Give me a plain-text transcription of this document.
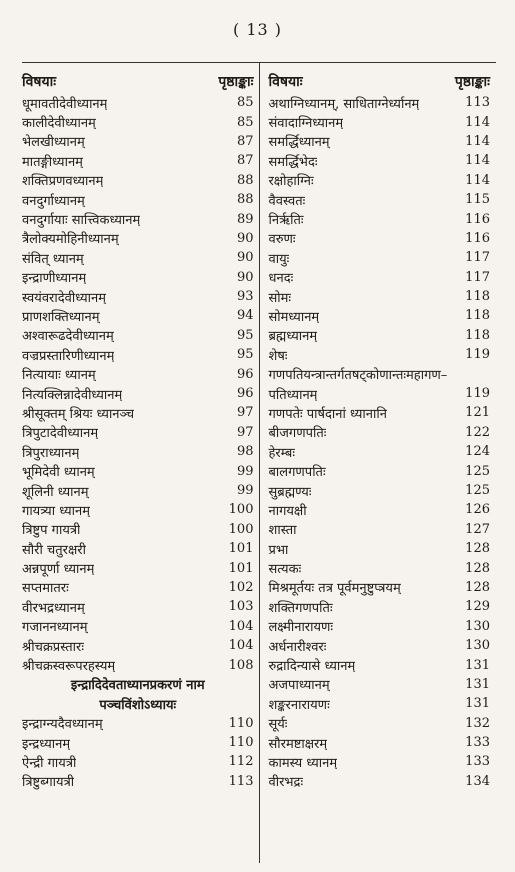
( 13 )
विषयाः	पृष्ठाङ्काः
धूमावतीदेवीध्यानम्	85
कालीदेवीध्यानम्	85
भेलखीध्यानम्	87
मातङ्गीध्यानम्	87
शक्तिप्रणवध्यानम्	88
वनदुर्गाध्यानम्	88
वनदुर्गायाः सात्त्विकध्यानम्	89
त्रैलोक्यमोहिनीध्यानम्	90
संवित् ध्यानम्	90
इन्द्राणीध्यानम्	90
स्वयंवरादेवीध्यानम्	93
प्राणशक्तिध्यानम्	94
अश्वारूढदेवीध्यानम्	95
वज्रप्रस्तारिणीध्यानम्	95
नित्यायाः ध्यानम्	96
नित्यक्लिन्नादेवीध्यानम्	96
श्रीसूक्तम् श्रियः ध्यानञ्च	97
त्रिपुटादेवीध्यानम्	97
त्रिपुराध्यानम्	98
भूमिदेवी ध्यानम्	99
शूलिनी ध्यानम्	99
गायत्र्या ध्यानम्	100
त्रिष्टुप गायत्री	100
सौरी चतुरक्षरी	101
अन्नपूर्णा ध्यानम्	101
सप्तमातरः	102
वीरभद्रध्यानम्	103
गजाननध्यानम्	104
श्रीचक्रप्रस्तारः	104
श्रीचक्रस्वरूपरहस्यम्	108
इन्द्रादिदेवताध्यानप्रकरणं नाम
पञ्चविंशोऽध्यायः
इन्द्राग्न्यदैवध्यानम्	110
इन्द्रध्यानम्	110
ऐन्द्री गायत्री	112
त्रिष्टुब्गायत्री	113
विषयाः	पृष्ठाङ्काः
अथाग्निध्यानम्, साधिताग्नेर्ध्यानम्	113
संवादाग्निध्यानम्	114
समर्द्धिध्यानम्	114
समर्द्धिभेदः	114
रक्षोहाग्निः	114
वैवस्वतः	115
निर्ऋतिः	116
वरुणः	116
वायुः	117
धनदः	117
सोमः	118
सोमध्यानम्	118
ब्रह्मध्यानम्	118
शेषः	119
गणपतियन्त्रान्तर्गतषट्कोणान्तःमहागण–
पतिध्यानम्	119
गणपतेः पार्षदानां ध्यानानि	121
बीजगणपतिः	122
हेरम्बः	124
बालगणपतिः	125
सुब्रह्मण्यः	125
नागयक्षी	126
शास्ता	127
प्रभा	128
सत्यकः	128
मिश्रमूर्तयः तत्र पूर्वमनुष्टुप्त्रयम्	128
शक्तिगणपतिः	129
लक्ष्मीनारायणः	130
अर्धनारीश्वरः	130
रुद्रादिन्यासे ध्यानम्	131
अजपाध्यानम्	131
शङ्करनारायणः	131
सूर्यः	132
सौरमष्टाक्षरम्	133
कामस्य ध्यानम्	133
वीरभद्रः	134
